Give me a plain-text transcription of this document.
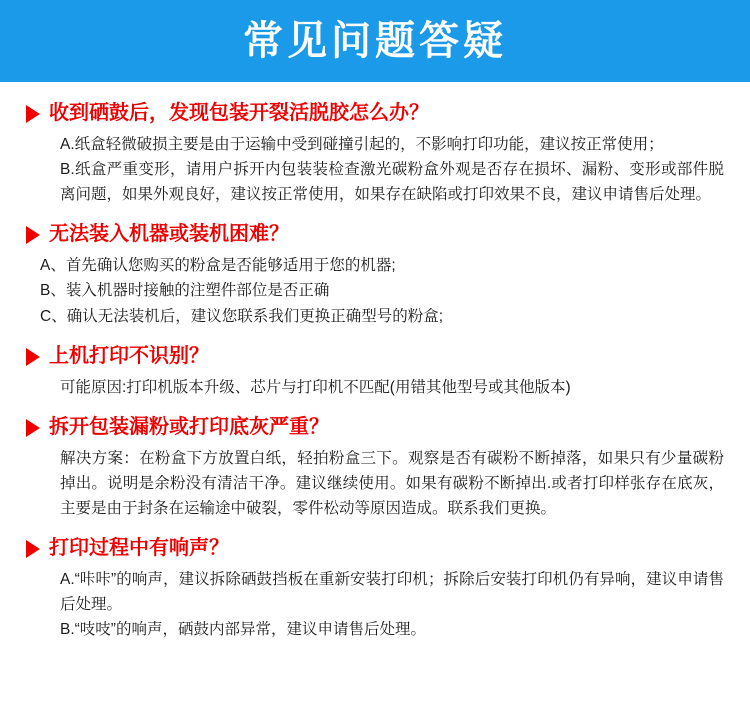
常见问题答疑
收到硒鼓后，发现包装开裂活脱胶怎么办？
A.纸盒轻微破损主要是由于运输中受到碰撞引起的，不影响打印功能，建议按正常使用；
B.纸盒严重变形，请用户拆开内包装装检查激光碳粉盒外观是否存在损坏、漏粉、变形或部件脱离问题，如果外观良好，建议按正常使用，如果存在缺陷或打印效果不良，建议申请售后处理。
无法装入机器或装机困难？
A、首先确认您购买的粉盒是否能够适用于您的机器;
B、装入机器时接触的注塑件部位是否正确
C、确认无法装机后，建议您联系我们更换正确型号的粉盒;
上机打印不识别？
可能原因:打印机版本升级、芯片与打印机不匹配(用错其他型号或其他版本)
拆开包装漏粉或打印底灰严重？
解决方案：在粉盒下方放置白纸，轻拍粉盒三下。观察是否有碳粉不断掉落，如果只有少量碳粉掉出。说明是余粉没有清洁干净。建议继续使用。如果有碳粉不断掉出.或者打印样张存在底灰，主要是由于封条在运输途中破裂，零件松动等原因造成。联系我们更换。
打印过程中有响声？
A.“咔咔”的响声，建议拆除硒鼓挡板在重新安装打印机；拆除后安装打印机仍有异响，建议申请售后处理。
B.“吱吱”的响声，硒鼓内部异常，建议申请售后处理。
